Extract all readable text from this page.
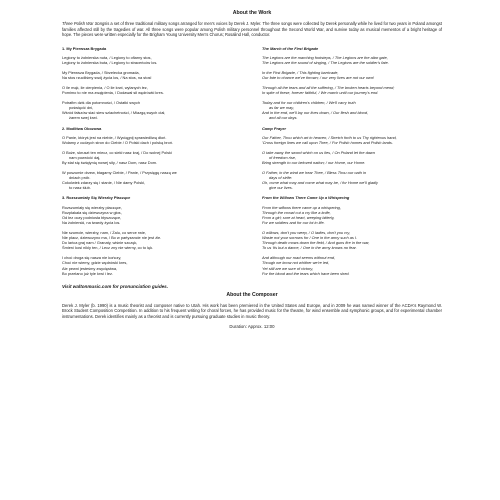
About the Work

Three Polish War Songsis a set of three traditional military songs arranged for men's voices by Derek J. Myler. The three songs were collected by Derek personally while he lived for two years in Poland amongst families affected still by the tragedies of war. All three songs were popular among Polish military personnel throughout the Second World War, and survive today as musical mementos of a bright heritage of hope. The pieces were written especially for the Brigham Young University Men's Chorus; Rosalind Hall, conductor.

1. My Pierwsza Brygada
Legiony to żołnierska nuta, / Legiony to ofiarny stos,
Legiony to żołnierska buta, / Legiony to straceńców los.
My Pierwsza Brygada, / Strzelecka gromada,
Na stos rzuciliśmy swój życia los, / Na stos, na stos!
O ile mąk, ile cierpienia, / O ile krwi, wylanych łez,
Pomimo to nie ma zwątpienia, / Dodawał sił wędrówki kres.
Potrafim dziś dla potomności, / Ostatki swych
poświęcić dni,
Wśród fałszów siać siew szlachetności, / Miazgą swych ciał,
żarem swej krwi.
2. Modlitwa Obozowa
O Panie, któryś jest na niebie, / Wyciągnij sprawiedliwą dłoń.
Wołamy z cudzych stron do Ciebie / O Polski dach i polską broń.
O Boże, skruszt ten miecz, co siekł nasz kraj, / Do wolnej Polski
nam powrócić daj,
By stał się świątynią nowej siły, / nasz Dom, nasz Dom.
W poszumie drzew, błagamy Ciebie, / Panie, / Przysięgę naszą we
dniach prób.
Cokolwiek zdarzy się i stanie, / Nie damy Polski,
to nasz ślub.
3. Rozszumiały Się Wierzby Płaczące
Rozszumiały się wierzby płaczące,
Rozpłakała się dziewczyna w głos,
Od łez oczy podniosła błyszczące,
Na żołnierski, na twardy życia los.
Nie szumcie, wierzby, nam, / Żalu, co serce rwie,
Nie płacz, dziewczyno ma, / Bo w partyzancie nie jest źle.
Do lańca graj nam / Granaty, wiśnie szczęk,
Śmierć kosi nikly ten, / Lecz zny nie wierny, co to lęk.
I choć droga się nasza nie kończy,
Choć nie wiemy, gdzie wędrówki kres,
Ale pewni jesteśmy zwycięstwa,
Bo przelano już tyle krwi i łez.
The March of the First Brigade
The Legions are the marching footsteps, / The Legions are the altar gate,
The Legions are the sound of singing, / The Legions are the soldier's fate.
In the First Brigade, / This fighting barricade,
Our fate to chance we've thrown; / our very lives are not our own!
Through all the tears and all the suffering, / The broken hearts beyond mend;
In spite of these, forever faithful, / We march until our journey's end.
Today and for our children's children, / We'll carry truth
as far we may,
And in the end, we'll lay our lives down, / Our flesh and blood,
and all our days.
Camp Prayer
Our Father, Thou which art in heaven, / Stretch forth to us Thy righteous hand,
'Cross foreign lines we call upon Thee, / For Polish homes and Polish lands.
O take away the sword which on us lies, / On Poland let the dawn
of freedom rise,
Bring strength to our beloved nation; / our Home, our Home.
O Father, in the wind we hear Thee, / Bless Thou our oath in
days of strife:
Oh, come what may and come what may be, / for Home we'll gladly
give our lives.
From the Willows There Came Up a Whispering
From the willows there came up a whispering,
Through the crowd cut a cry like a knife,
From a girl; sore at heart, weeping bitterly,
For we soldiers and for our lot in life.
O willows, don't you weep, / O ladies, don't you cry,
Waste not your sorrows for / One in the army such as I.
Through death mows down the field, / And guns fire in the war,
To us 'tis but a dance, / One in the army knows no fear.
And although our road seems without end,
Though we know not whither we're led,
Yet still are we sure of victory,
For the blood and the tears which have been shed.
Visit waltonmusic.com for pronunciation guides.
About the Composer

Derek J. Myler (b. 1990) is a music theorist and composer native to Utah. His work has been premiered in the United States and Europe, and in 2009 he was named winner of the ACDA's Raymond W. Brock Student Composition Competition. In addition to his frequent writing for choral forces, he has provided music for the theatre, for wind ensemble and symphonic groups, and for experimental chamber instrumentations. Derek identifies mainly as a theorist and is currently pursuing graduate studies in music theory.

Duration: Approx. 12:00
